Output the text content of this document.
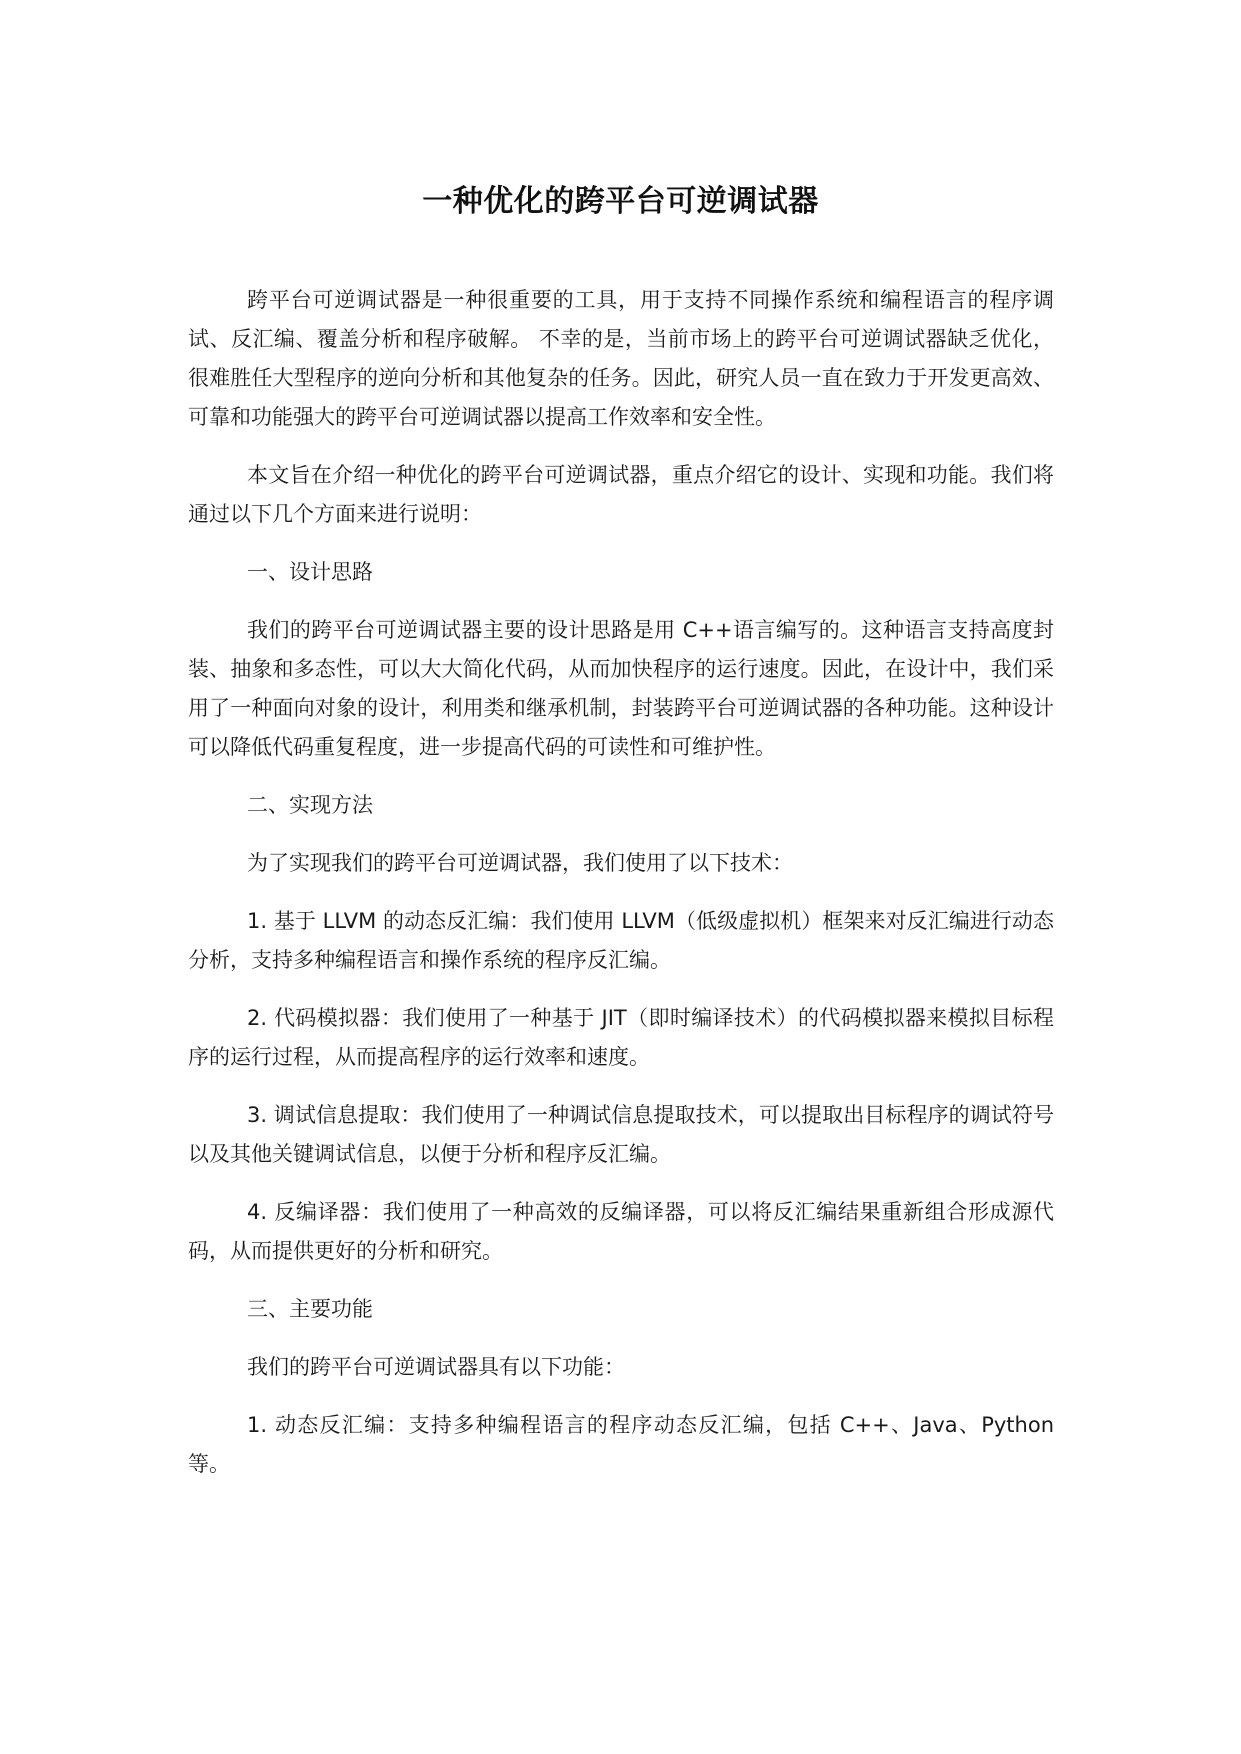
一种优化的跨平台可逆调试器

跨平台可逆调试器是一种很重要的工具，用于支持不同操作系统和编程语言的程序调试、反汇编、覆盖分析和程序破解。 不幸的是，当前市场上的跨平台可逆调试器缺乏优化，很难胜任大型程序的逆向分析和其他复杂的任务。因此，研究人员一直在致力于开发更高效、可靠和功能强大的跨平台可逆调试器以提高工作效率和安全性。

本文旨在介绍一种优化的跨平台可逆调试器，重点介绍它的设计、实现和功能。我们将通过以下几个方面来进行说明：

一、设计思路

我们的跨平台可逆调试器主要的设计思路是用 C++语言编写的。这种语言支持高度封装、抽象和多态性，可以大大简化代码，从而加快程序的运行速度。因此，在设计中，我们采用了一种面向对象的设计，利用类和继承机制，封装跨平台可逆调试器的各种功能。这种设计可以降低代码重复程度，进一步提高代码的可读性和可维护性。

二、实现方法

为了实现我们的跨平台可逆调试器，我们使用了以下技术：

1. 基于 LLVM 的动态反汇编：我们使用 LLVM（低级虚拟机）框架来对反汇编进行动态分析，支持多种编程语言和操作系统的程序反汇编。

2. 代码模拟器：我们使用了一种基于 JIT（即时编译技术）的代码模拟器来模拟目标程序的运行过程，从而提高程序的运行效率和速度。

3. 调试信息提取：我们使用了一种调试信息提取技术，可以提取出目标程序的调试符号以及其他关键调试信息，以便于分析和程序反汇编。

4. 反编译器：我们使用了一种高效的反编译器，可以将反汇编结果重新组合形成源代码，从而提供更好的分析和研究。

三、主要功能

我们的跨平台可逆调试器具有以下功能：

1. 动态反汇编：支持多种编程语言的程序动态反汇编，包括 C++、Java、Python 等。
